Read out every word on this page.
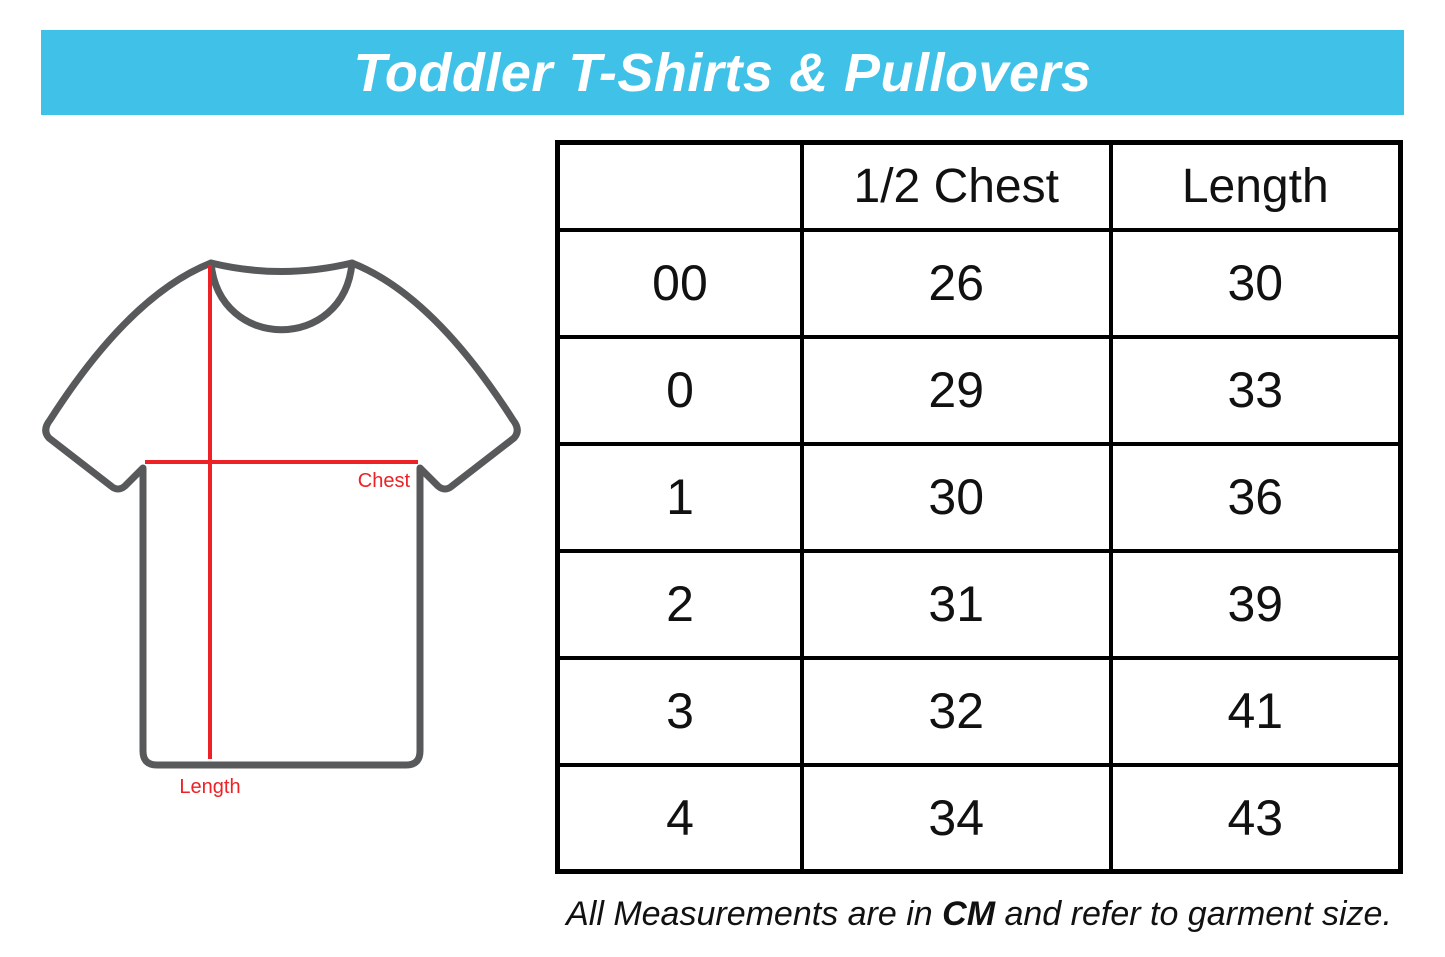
Toddler T-Shirts & Pullovers
Chest
Length
	1/2 Chest	Length
00	26	30
0	29	33
1	30	36
2	31	39
3	32	41
4	34	43

All Measurements are in CM and refer to garment size.
